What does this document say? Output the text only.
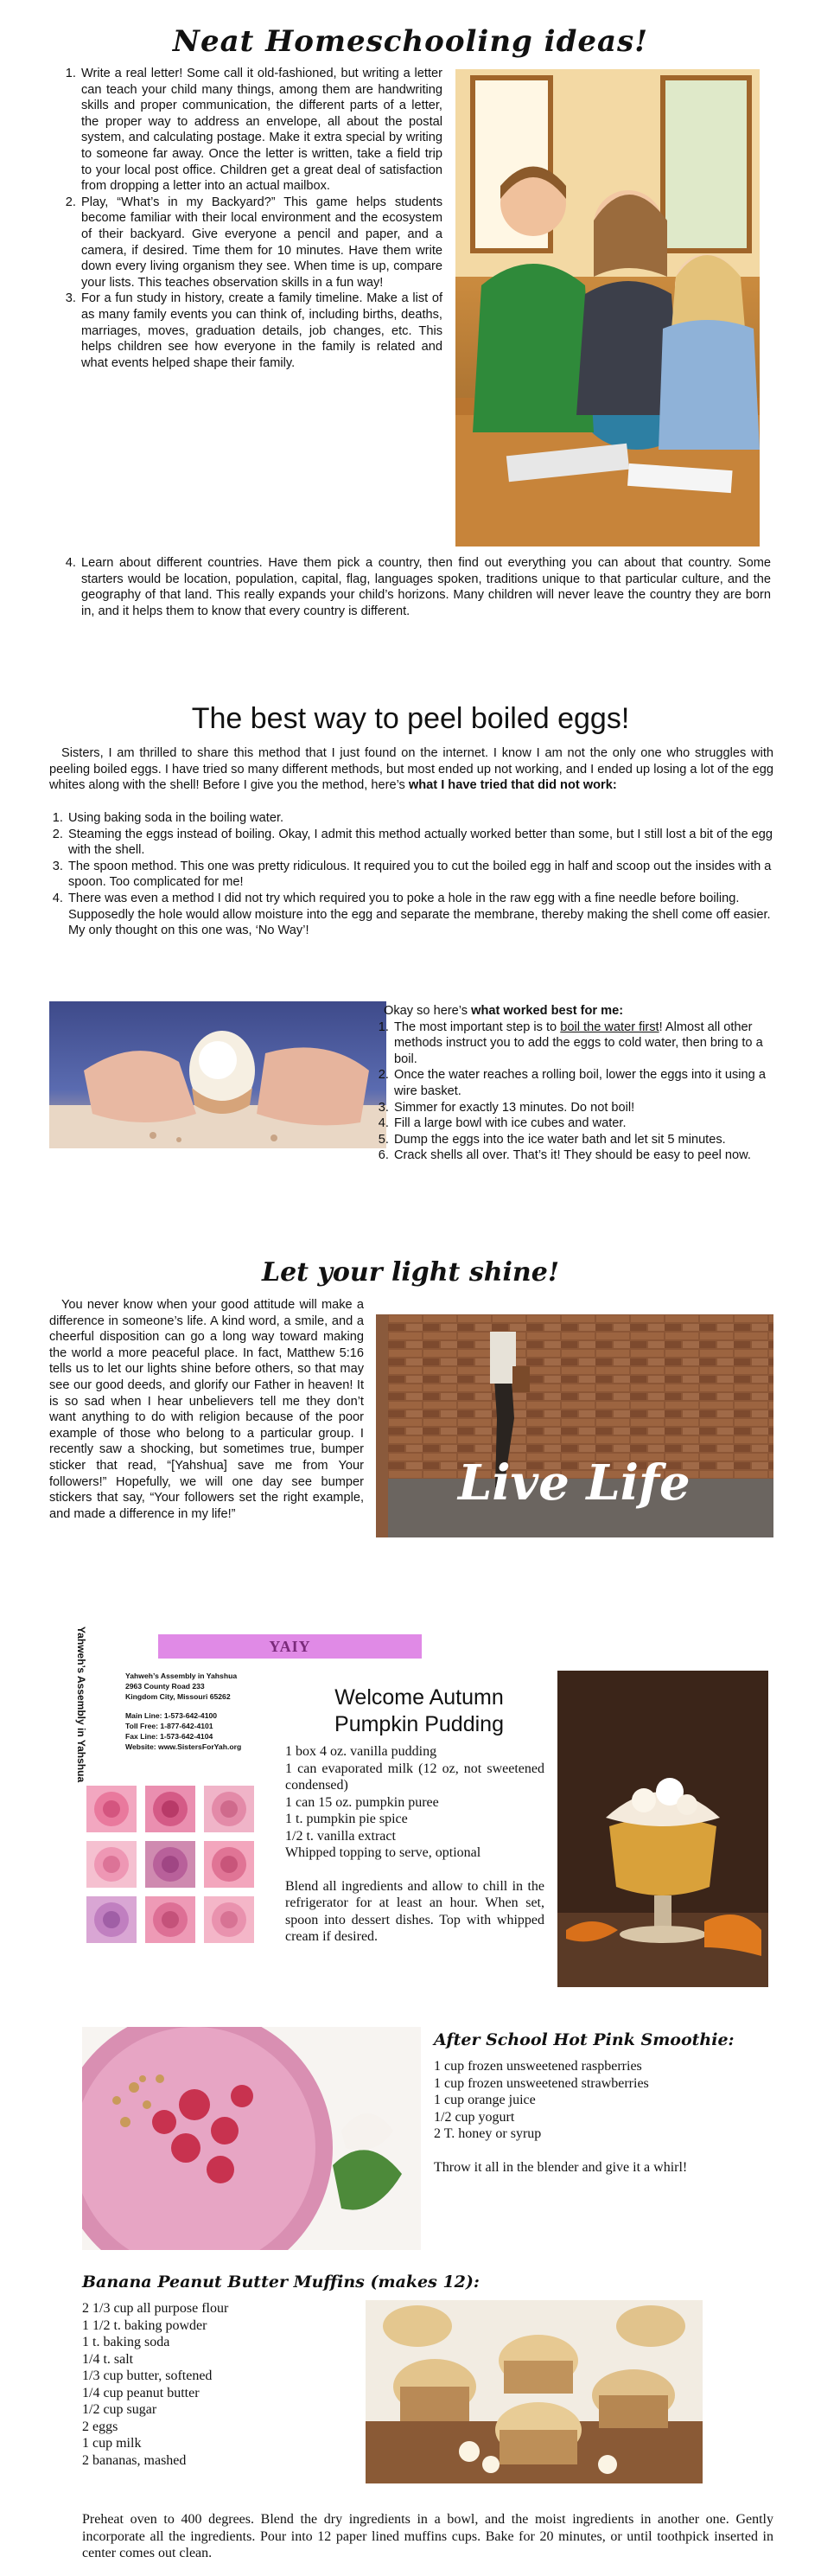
Neat Homeschooling ideas!
1. Write a real letter! Some call it old-fashioned, but writing a letter can teach your child many things, among them are handwriting skills and proper communication, the different parts of a letter, the proper way to address an envelope, all about the postal system, and calculating postage. Make it extra special by writing to someone far away. Once the letter is written, take a field trip to your local post office. Children get a great deal of satisfaction from dropping a letter into an actual mailbox.
2. Play, “What’s in my Backyard?” This game helps students become familiar with their local environment and the ecosystem of their backyard. Give everyone a pencil and paper, and a camera, if desired. Time them for 10 minutes. Have them write down every living organism they see. When time is up, compare your lists. This teaches observation skills in a fun way!
3. For a fun study in history, create a family timeline. Make a list of as many family events you can think of, including births, deaths, marriages, moves, graduation details, job changes, etc. This helps children see how everyone in the family is related and what events helped shape their family.
4. Learn about different countries. Have them pick a country, then find out everything you can about that country. Some starters would be location, population, capital, flag, languages spoken, traditions unique to that particular culture, and the geography of that land. This really expands your child’s horizons. Many children will never leave the country they are born in, and it helps them to know that every country is different.
The best way to peel boiled eggs!
Sisters, I am thrilled to share this method that I just found on the internet. I know I am not the only one who struggles with peeling boiled eggs. I have tried so many different methods, but most ended up not working, and I ended up losing a lot of the egg whites along with the shell! Before I give you the method, here’s what I have tried that did not work:
1. Using baking soda in the boiling water.
2. Steaming the eggs instead of boiling. Okay, I admit this method actually worked better than some, but I still lost a bit of the egg with the shell.
3. The spoon method. This one was pretty ridiculous. It required you to cut the boiled egg in half and scoop out the insides with a spoon. Too complicated for me!
4. There was even a method I did not try which required you to poke a hole in the raw egg with a fine needle before boiling. Supposedly the hole would allow moisture into the egg and separate the membrane, thereby making the shell come off easier. My only thought on this one was, ‘No Way’!
Okay so here’s what worked best for me:
1. The most important step is to boil the water first! Almost all other methods instruct you to add the eggs to cold water, then bring to a boil.
2. Once the water reaches a rolling boil, lower the eggs into it using a wire basket.
3. Simmer for exactly 13 minutes. Do not boil!
4. Fill a large bowl with ice cubes and water.
5. Dump the eggs into the ice water bath and let sit 5 minutes.
6. Crack shells all over. That’s it! They should be easy to peel now.
Let your light shine!
You never know when your good attitude will make a difference in someone’s life. A kind word, a smile, and a cheerful disposition can go a long way toward making the world a more peaceful place. In fact, Matthew 5:16 tells us to let our lights shine before others, so that may see our good deeds, and glorify our Father in heaven! It is so sad when I hear unbelievers tell me they don’t want anything to do with religion because of the poor example of those who belong to a particular group. I recently saw a shocking, but sometimes true, bumper sticker that read, “[Yahshua] save me from Your followers!” Hopefully, we will one day see bumper stickers that say, “Your followers set the right example, and made a difference in my life!”
Live Life
Yahweh’s Assembly in Yahshua	YAIY
Yahweh’s Assembly in Yahshua
2963 County Road 233
Kingdom City, Missouri 65262
Main Line: 1-573-642-4100
Toll Free: 1-877-642-4101
Fax Line: 1-573-642-4104
Website: www.SistersForYah.org
Welcome Autumn
Pumpkin Pudding
1 box 4 oz. vanilla pudding
1 can evaporated milk (12 oz, not sweetened condensed)
1 can 15 oz. pumpkin puree
1 t. pumpkin pie spice
1/2 t. vanilla extract
Whipped topping to serve, optional
Blend all ingredients and allow to chill in the refrigerator for at least an hour. When set, spoon into dessert dishes. Top with whipped cream if desired.
After School Hot Pink Smoothie:
1 cup frozen unsweetened raspberries
1 cup frozen unsweetened strawberries
1 cup orange juice
1/2 cup yogurt
2 T. honey or syrup
Throw it all in the blender and give it a whirl!
Banana Peanut Butter Muffins (makes 12):
2 1/3 cup all purpose flour
1 1/2 t. baking powder
1 t. baking soda
1/4 t. salt
1/3 cup butter, softened
1/4 cup peanut butter
1/2 cup sugar
2 eggs
1 cup milk
2 bananas, mashed
Preheat oven to 400 degrees. Blend the dry ingredients in a bowl, and the moist ingredients in another one. Gently incorporate all the ingredients. Pour into 12 paper lined muffins cups. Bake for 20 minutes, or until toothpick inserted in center comes out clean.
